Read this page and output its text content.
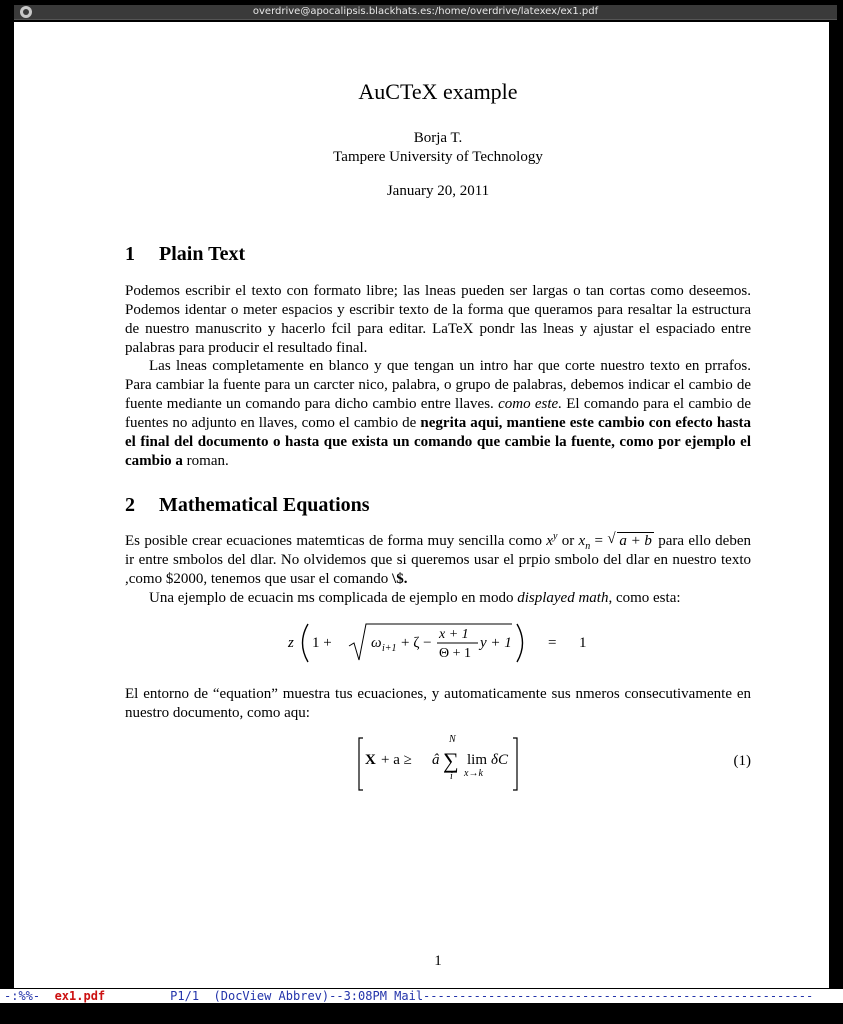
overdrive@apocalipsis.blackhats.es:/home/overdrive/latexex/ex1.pdf
AuCTeX example
Borja T.
Tampere University of Technology
January 20, 2011
1 Plain Text

Podemos escribir el texto con formato libre; las lneas pueden ser largas o tan cortas como deseemos. Podemos identar o meter espacios y escribir texto de la forma que queramos para resaltar la estructura de nuestro manuscrito y hacerlo fcil para editar. LaTeX pondr las lneas y ajustar el espaciado entre palabras para producir el resultado final.

Las lneas completamente en blanco y que tengan un intro har que corte nuestro texto en prrafos. Para cambiar la fuente para un carcter nico, palabra, o grupo de palabras, debemos indicar el cambio de fuente mediante un comando para dicho cambio entre llaves. como este. El comando para el cambio de fuentes no adjunto en llaves, como el cambio de negrita aqui, mantiene este cambio con efecto hasta el final del documento o hasta que exista un comando que cambie la fuente, como por ejemplo el cambio a roman.

2 Mathematical Equations

Es posible crear ecuaciones matemticas de forma muy sencilla como $x^y$ or $x_n$ = √ a + b para ello deben ir entre smbolos del dlar. No olvidemos que si queremos usar el prpio smbolo del dlar en nuestro texto ,como $2000, tenemos que usar el comando \$.

Una ejemplo de ecuacin ms complicada de ejemplo en modo displayed math, como esta:

z 1 +	ω i+1 + ζ −
x + 1
Θ + 1
y + 1 = 1

El entorno de “equation” muestra tus ecuaciones, y automaticamente sus nmeros consecutivamente en nuestro documento, como aqu:

X + a ≥ â
N
∑
i
lim
x→k
δC	(1)
1
-:%%-  ex1.pdf         P1/1  (DocView Abbrev)--3:08PM Mail------------------------------------------------------
